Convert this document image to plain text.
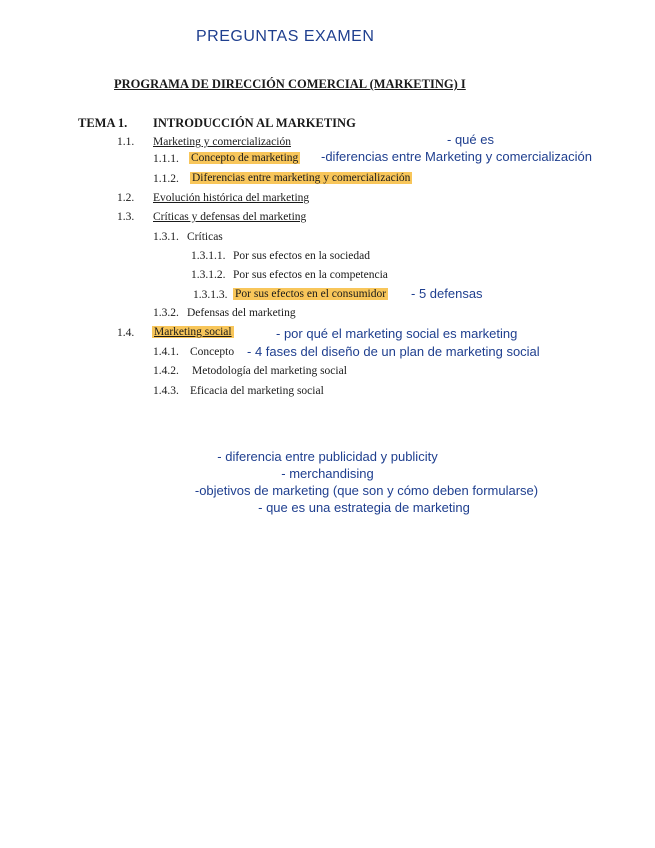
PREGUNTAS EXAMEN
PROGRAMA DE DIRECCIÓN COMERCIAL (MARKETING) I
TEMA 1. INTRODUCCIÓN AL MARKETING
1.1. Marketing y comercialización	- qué es
1.1.1. Concepto de marketing -diferencias entre Marketing y comercialización
1.1.2. Diferencias entre marketing y comercialización
1.2. Evolución histórica del marketing
1.3. Críticas y defensas del marketing
1.3.1. Críticas
1.3.1.1. Por sus efectos en la sociedad
1.3.1.2. Por sus efectos en la competencia
1.3.1.3. Por sus efectos en el consumidor - 5 defensas
1.3.2. Defensas del marketing
1.4. Marketing social	- por qué el marketing social es marketing
1.4.1. Concepto - 4 fases del diseño de un plan de marketing social
1.4.2. Metodología del marketing social
1.4.3. Eficacia del marketing social
- diferencia entre publicidad y publicity
- merchandising
-objetivos de marketing (que son y cómo deben formularse)
- que es una estrategia de marketing
